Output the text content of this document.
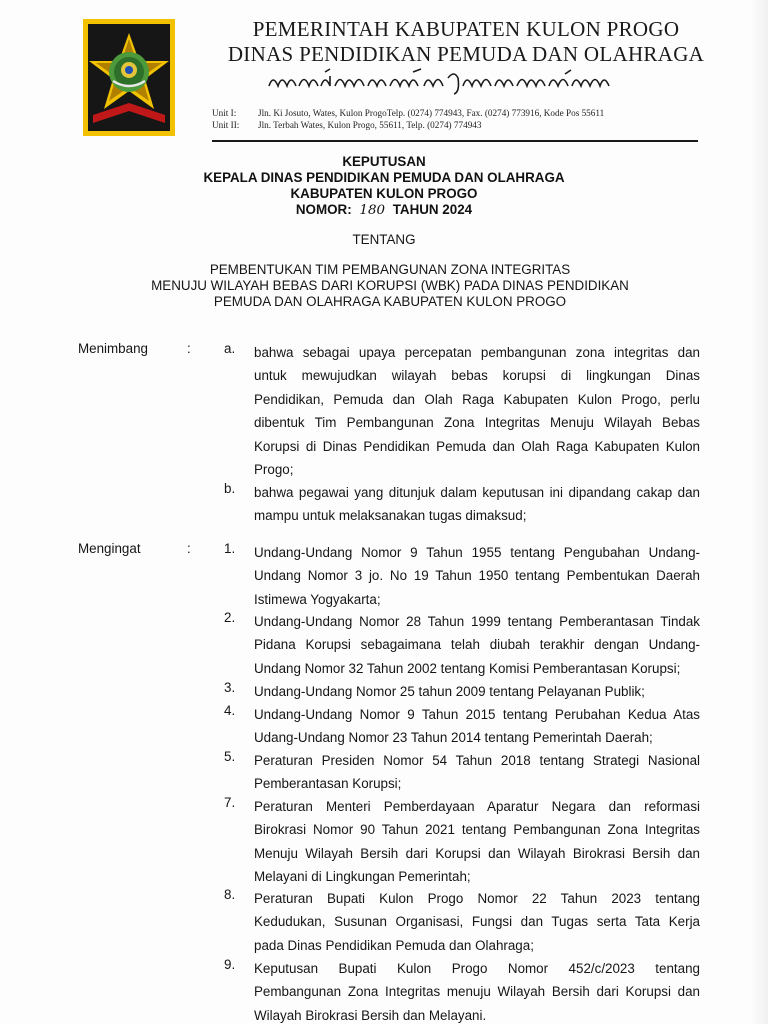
PEMERINTAH KABUPATEN KULON PROGO
DINAS PENDIDIKAN PEMUDA DAN OLAHRAGA
Unit I: Jln. Ki Josuto, Wates, Kulon ProgoTelp. (0274) 774943, Fax. (0274) 773916, Kode Pos 55611
Unit II: Jln. Terbah Wates, Kulon Progo, 55611, Telp. (0274) 774943
KEPUTUSAN
KEPALA DINAS PENDIDIKAN PEMUDA DAN OLAHRAGA
KABUPATEN KULON PROGO
NOMOR: 180 TAHUN 2024
TENTANG
PEMBENTUKAN TIM PEMBANGUNAN ZONA INTEGRITAS
MENUJU WILAYAH BEBAS DARI KORUPSI (WBK) PADA DINAS PENDIDIKAN
PEMUDA DAN OLAHRAGA KABUPATEN KULON PROGO
Menimbang	: a. bahwa sebagai upaya percepatan pembangunan zona integritas dan
untuk mewujudkan wilayah bebas korupsi di lingkungan Dinas
Pendidikan, Pemuda dan Olah Raga Kabupaten Kulon Progo, perlu
dibentuk Tim Pembangunan Zona Integritas Menuju Wilayah Bebas
Korupsi di Dinas Pendidikan Pemuda dan Olah Raga Kabupaten Kulon
Progo;
b. bahwa pegawai yang ditunjuk dalam keputusan ini dipandang cakap dan
mampu untuk melaksanakan tugas dimaksud;
Mengingat	: 1. Undang-Undang Nomor 9 Tahun 1955 tentang Pengubahan Undang-
Undang Nomor 3 jo. No 19 Tahun 1950 tentang Pembentukan Daerah
Istimewa Yogyakarta;
2. Undang-Undang Nomor 28 Tahun 1999 tentang Pemberantasan Tindak
Pidana Korupsi sebagaimana telah diubah terakhir dengan Undang-
Undang Nomor 32 Tahun 2002 tentang Komisi Pemberantasan Korupsi;
3. Undang-Undang Nomor 25 tahun 2009 tentang Pelayanan Publik;
4. Undang-Undang Nomor 9 Tahun 2015 tentang Perubahan Kedua Atas
Udang-Undang Nomor 23 Tahun 2014 tentang Pemerintah Daerah;
5. Peraturan Presiden Nomor 54 Tahun 2018 tentang Strategi Nasional
Pemberantasan Korupsi;
7. Peraturan Menteri Pemberdayaan Aparatur Negara dan reformasi
Birokrasi Nomor 90 Tahun 2021 tentang Pembangunan Zona Integritas
Menuju Wilayah Bersih dari Korupsi dan Wilayah Birokrasi Bersih dan
Melayani di Lingkungan Pemerintah;
8. Peraturan Bupati Kulon Progo Nomor 22 Tahun 2023 tentang
Kedudukan, Susunan Organisasi, Fungsi dan Tugas serta Tata Kerja
pada Dinas Pendidikan Pemuda dan Olahraga;
9. Keputusan Bupati Kulon Progo Nomor 452/c/2023 tentang
Pembangunan Zona Integritas menuju Wilayah Bersih dari Korupsi dan
Wilayah Birokrasi Bersih dan Melayani.
